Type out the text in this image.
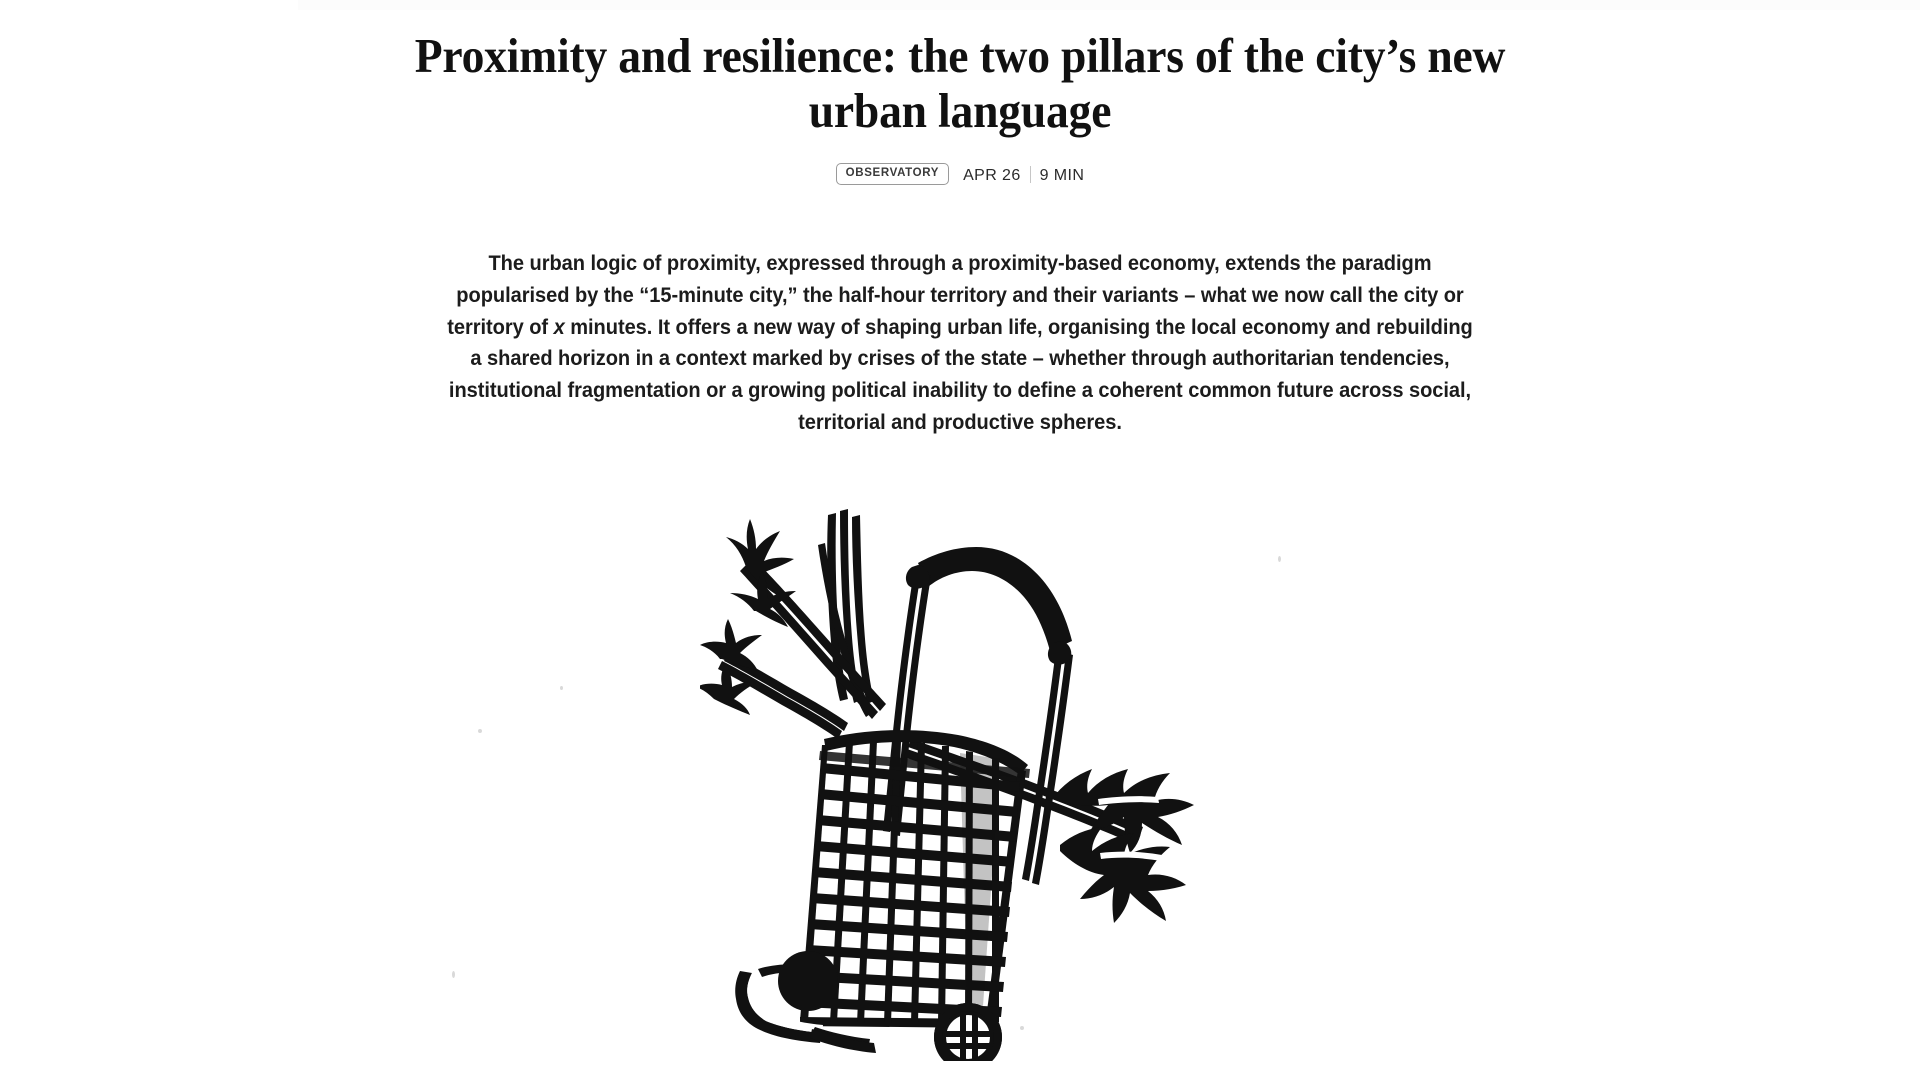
Proximity and resilience: the two pillars of the city’s new urban language
OBSERVATORY	APR 26 9 MIN

The urban logic of proximity, expressed through a proximity-based economy, extends the paradigm popularised by the “15-minute city,” the half-hour territory and their variants – what we now call the city or territory of x minutes. It offers a new way of shaping urban life, organising the local economy and rebuilding a shared horizon in a context marked by crises of the state – whether through authoritarian tendencies, institutional fragmentation or a growing political inability to define a coherent common future across social, territorial and productive spheres.
